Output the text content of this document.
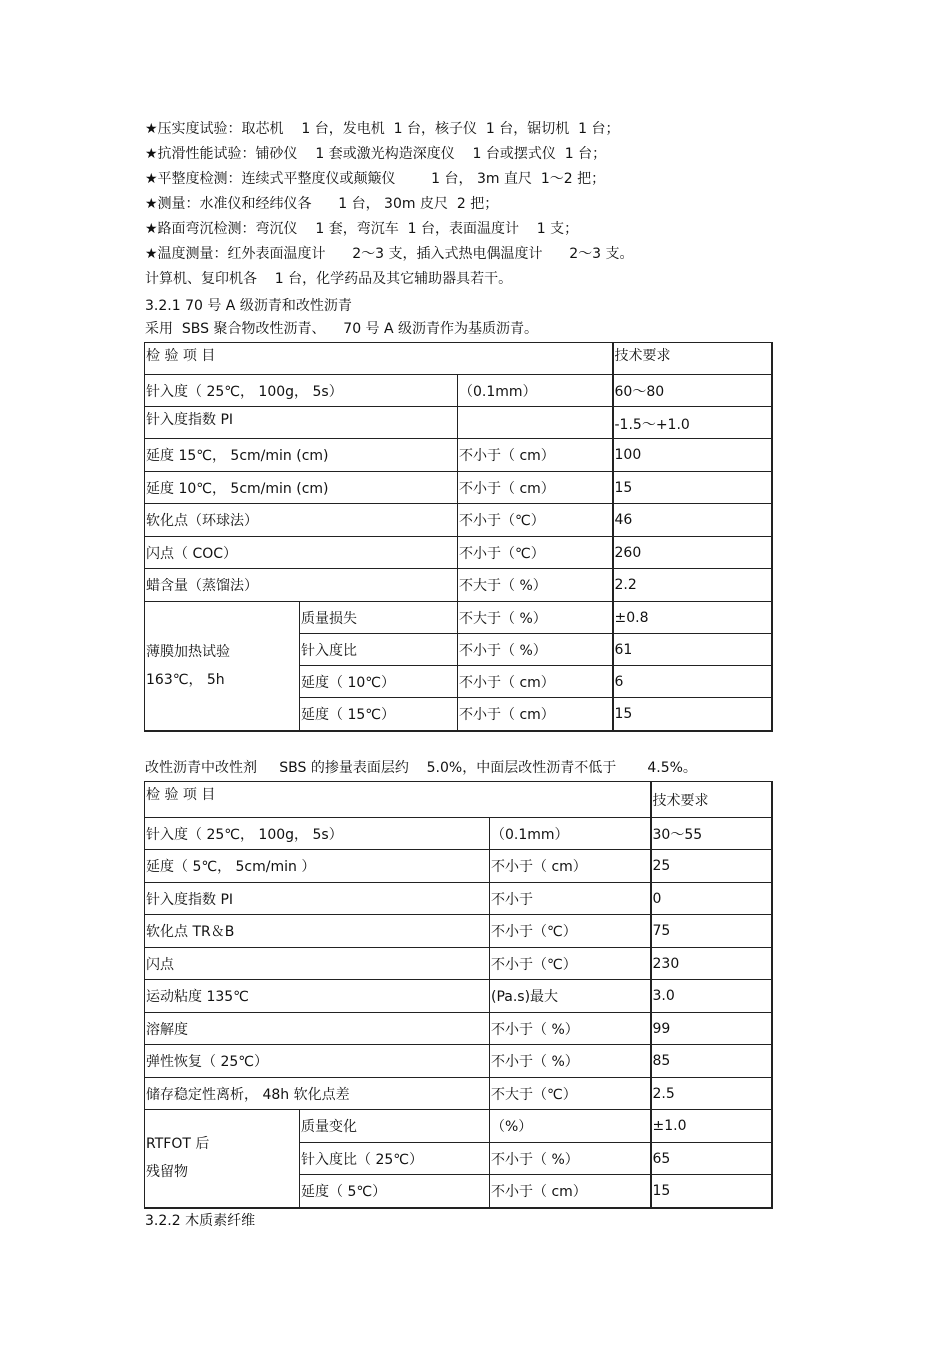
★压实度试验：取芯机    1 台，发电机  1 台，核子仪  1 台，锯切机  1 台；
★抗滑性能试验：铺砂仪    1 套或激光构造深度仪    1 台或摆式仪  1 台；
★平整度检测：连续式平整度仪或颠簸仪        1 台， 3m 直尺  1～2 把；
★测量：水准仪和经纬仪各      1 台， 30m 皮尺  2 把；
★路面弯沉检测：弯沉仪    1 套，弯沉车  1 台，表面温度计    1 支；
★温度测量：红外表面温度计      2～3 支，插入式热电偶温度计      2～3 支。
计算机、复印机各    1 台，化学药品及其它辅助器具若干。
3.2.1 70 号 A 级沥青和改性沥青
采用  SBS 聚合物改性沥青、    70 号 A 级沥青作为基质沥青。
检 验 项 目			技术要求
针入度（ 25℃， 100g， 5s）		（0.1mm）	60～80
针入度指数 PI			-1.5～+1.0
延度 15℃， 5cm/min (cm)		不小于（ cm）	100
延度 10℃， 5cm/min (cm)		不小于（ cm）	15
软化点（环球法）		不小于（℃）	46
闪点（ COC）		不小于（℃）	260
蜡含量（蒸馏法）		不大于（ %）	2.2

薄膜加热试验
163℃， 5h	质量损失	不大于（ %）	±0.8
	针入度比	不小于（ %）	61
	延度（ 10℃）	不小于（ cm）	6
	延度（ 15℃）	不小于（ cm）	15
改性沥青中改性剂     SBS 的掺量表面层约    5.0%，中面层改性沥青不低于       4.5%。
检 验 项 目			技术要求
针入度（ 25℃， 100g， 5s）		（0.1mm）	30～55
延度（ 5℃， 5cm/min ）		不小于（ cm）	25
针入度指数 PI		不小于	0
软化点 TR＆B		不小于（℃）	75
闪点		不小于（℃）	230
运动粘度 135℃		(Pa.s)最大	3.0
溶解度		不小于（ %）	99
弹性恢复（ 25℃）		不小于（ %）	85
储存稳定性离析， 48h 软化点差		不大于（℃）	2.5

RTFOT 后
残留物	质量变化	（%）	±1.0
	针入度比（ 25℃）	不小于（ %）	65
	延度（ 5℃）	不小于（ cm）	15
3.2.2 木质素纤维
